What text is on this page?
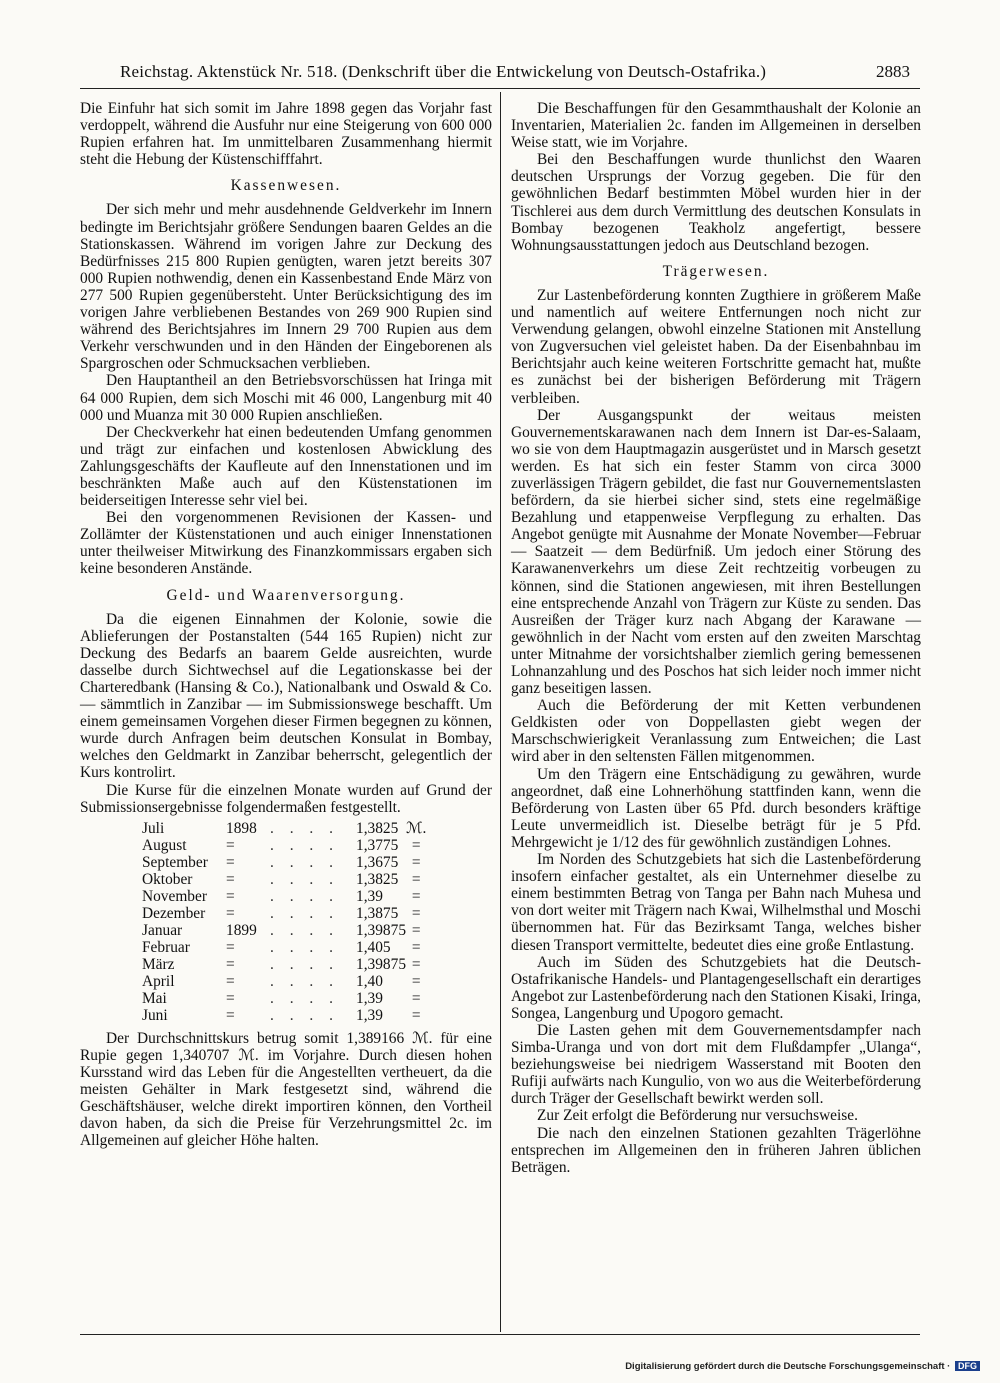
Reichstag. Aktenstück Nr. 518. (Denkschrift über die Entwickelung von Deutsch-Ostafrika.)	2883

Die Einfuhr hat sich somit im Jahre 1898 gegen das Vorjahr fast verdoppelt, während die Ausfuhr nur eine Steigerung von 600 000 Rupien erfahren hat. Im unmittelbaren Zusammenhang hiermit steht die Hebung der Küstenschifffahrt.

Kassenwesen.

Der sich mehr und mehr ausdehnende Geldverkehr im Innern bedingte im Berichtsjahr größere Sendungen baaren Geldes an die Stationskassen. Während im vorigen Jahre zur Deckung des Bedürfnisses 215 800 Rupien genügten, waren jetzt bereits 307 000 Rupien nothwendig, denen ein Kassenbestand Ende März von 277 500 Rupien gegenübersteht. Unter Berücksichtigung des im vorigen Jahre verbliebenen Bestandes von 269 900 Rupien sind während des Berichtsjahres im Innern 29 700 Rupien aus dem Verkehr verschwunden und in den Händen der Eingeborenen als Spargroschen oder Schmucksachen verblieben.

Den Hauptantheil an den Betriebsvorschüssen hat Iringa mit 64 000 Rupien, dem sich Moschi mit 46 000, Langenburg mit 40 000 und Muanza mit 30 000 Rupien anschließen.

Der Checkverkehr hat einen bedeutenden Umfang genommen und trägt zur einfachen und kostenlosen Abwicklung des Zahlungsgeschäfts der Kaufleute auf den Innenstationen und im beschränkten Maße auch auf den Küstenstationen im beiderseitigen Interesse sehr viel bei.

Bei den vorgenommenen Revisionen der Kassen- und Zollämter der Küstenstationen und auch einiger Innenstationen unter theilweiser Mitwirkung des Finanzkommissars ergaben sich keine besonderen Anstände.

Geld- und Waarenversorgung.

Da die eigenen Einnahmen der Kolonie, sowie die Ablieferungen der Postanstalten (544 165 Rupien) nicht zur Deckung des Bedarfs an baarem Gelde ausreichten, wurde dasselbe durch Sichtwechsel auf die Legationskasse bei der Charteredbank (Hansing & Co.), Nationalbank und Oswald & Co. — sämmtlich in Zanzibar — im Submissionswege beschafft. Um einem gemeinsamen Vorgehen dieser Firmen begegnen zu können, wurde durch Anfragen beim deutschen Konsulat in Bombay, welches den Geldmarkt in Zanzibar beherrscht, gelegentlich der Kurs kontrolirt.

Die Kurse für die einzelnen Monate wurden auf Grund der Submissionsergebnisse folgendermaßen festgestellt.

Juli	1898	. . . .	1,3825	ℳ.
August	=	. . . .	1,3775	=
September	=	. . . .	1,3675	=
Oktober	=	. . . .	1,3825	=
November	=	. . . .	1,39	=
Dezember	=	. . . .	1,3875	=
Januar	1899	. . . .	1,39875	=
Februar	=	. . . .	1,405	=
März	=	. . . .	1,39875	=
April	=	. . . .	1,40	=
Mai	=	. . . .	1,39	=
Juni	=	. . . .	1,39	=

Der Durchschnittskurs betrug somit 1,389166 ℳ. für eine Rupie gegen 1,340707 ℳ. im Vorjahre. Durch diesen hohen Kursstand wird das Leben für die Angestellten vertheuert, da die meisten Gehälter in Mark festgesetzt sind, während die Geschäftshäuser, welche direkt importiren können, den Vortheil davon haben, da sich die Preise für Verzehrungsmittel 2c. im Allgemeinen auf gleicher Höhe halten.

Die Beschaffungen für den Gesammthaushalt der Kolonie an Inventarien, Materialien 2c. fanden im Allgemeinen in derselben Weise statt, wie im Vorjahre.

Bei den Beschaffungen wurde thunlichst den Waaren deutschen Ursprungs der Vorzug gegeben. Die für den gewöhnlichen Bedarf bestimmten Möbel wurden hier in der Tischlerei aus dem durch Vermittlung des deutschen Konsulats in Bombay bezogenen Teakholz angefertigt, bessere Wohnungsausstattungen jedoch aus Deutschland bezogen.

Trägerwesen.

Zur Lastenbeförderung konnten Zugthiere in größerem Maße und namentlich auf weitere Entfernungen noch nicht zur Verwendung gelangen, obwohl einzelne Stationen mit Anstellung von Zugversuchen viel geleistet haben. Da der Eisenbahnbau im Berichtsjahr auch keine weiteren Fortschritte gemacht hat, mußte es zunächst bei der bisherigen Beförderung mit Trägern verbleiben.

Der Ausgangspunkt der weitaus meisten Gouvernementskarawanen nach dem Innern ist Dar-es-Salaam, wo sie von dem Hauptmagazin ausgerüstet und in Marsch gesetzt werden. Es hat sich ein fester Stamm von circa 3000 zuverlässigen Trägern gebildet, die fast nur Gouvernementslasten befördern, da sie hierbei sicher sind, stets eine regelmäßige Bezahlung und etappenweise Verpflegung zu erhalten. Das Angebot genügte mit Ausnahme der Monate November—Februar — Saatzeit — dem Bedürfniß. Um jedoch einer Störung des Karawanenverkehrs um diese Zeit rechtzeitig vorbeugen zu können, sind die Stationen angewiesen, mit ihren Bestellungen eine entsprechende Anzahl von Trägern zur Küste zu senden. Das Ausreißen der Träger kurz nach Abgang der Karawane — gewöhnlich in der Nacht vom ersten auf den zweiten Marschtag unter Mitnahme der vorsichtshalber ziemlich gering bemessenen Lohnanzahlung und des Poschos hat sich leider noch immer nicht ganz beseitigen lassen.

Auch die Beförderung der mit Ketten verbundenen Geldkisten oder von Doppellasten giebt wegen der Marschschwierigkeit Veranlassung zum Entweichen; die Last wird aber in den seltensten Fällen mitgenommen.

Um den Trägern eine Entschädigung zu gewähren, wurde angeordnet, daß eine Lohnerhöhung stattfinden kann, wenn die Beförderung von Lasten über 65 Pfd. durch besonders kräftige Leute unvermeidlich ist. Dieselbe beträgt für je 5 Pfd. Mehrgewicht je 1/12 des für gewöhnlich zuständigen Lohnes.

Im Norden des Schutzgebiets hat sich die Lastenbeförderung insofern einfacher gestaltet, als ein Unternehmer dieselbe zu einem bestimmten Betrag von Tanga per Bahn nach Muhesa und von dort weiter mit Trägern nach Kwai, Wilhelmsthal und Moschi übernommen hat. Für das Bezirksamt Tanga, welches bisher diesen Transport vermittelte, bedeutet dies eine große Entlastung.

Auch im Süden des Schutzgebiets hat die Deutsch-Ostafrikanische Handels- und Plantagengesellschaft ein derartiges Angebot zur Lastenbeförderung nach den Stationen Kisaki, Iringa, Songea, Langenburg und Upogoro gemacht.

Die Lasten gehen mit dem Gouvernementsdampfer nach Simba-Uranga und von dort mit dem Flußdampfer „Ulanga“, beziehungsweise bei niedrigem Wasserstand mit Booten den Rufiji aufwärts nach Kungulio, von wo aus die Weiterbeförderung durch Träger der Gesellschaft bewirkt werden soll.

Zur Zeit erfolgt die Beförderung nur versuchsweise.

Die nach den einzelnen Stationen gezahlten Trägerlöhne entsprechen im Allgemeinen den in früheren Jahren üblichen Beträgen.

Digitalisierung gefördert durch die Deutsche Forschungsgemeinschaft · DFG
